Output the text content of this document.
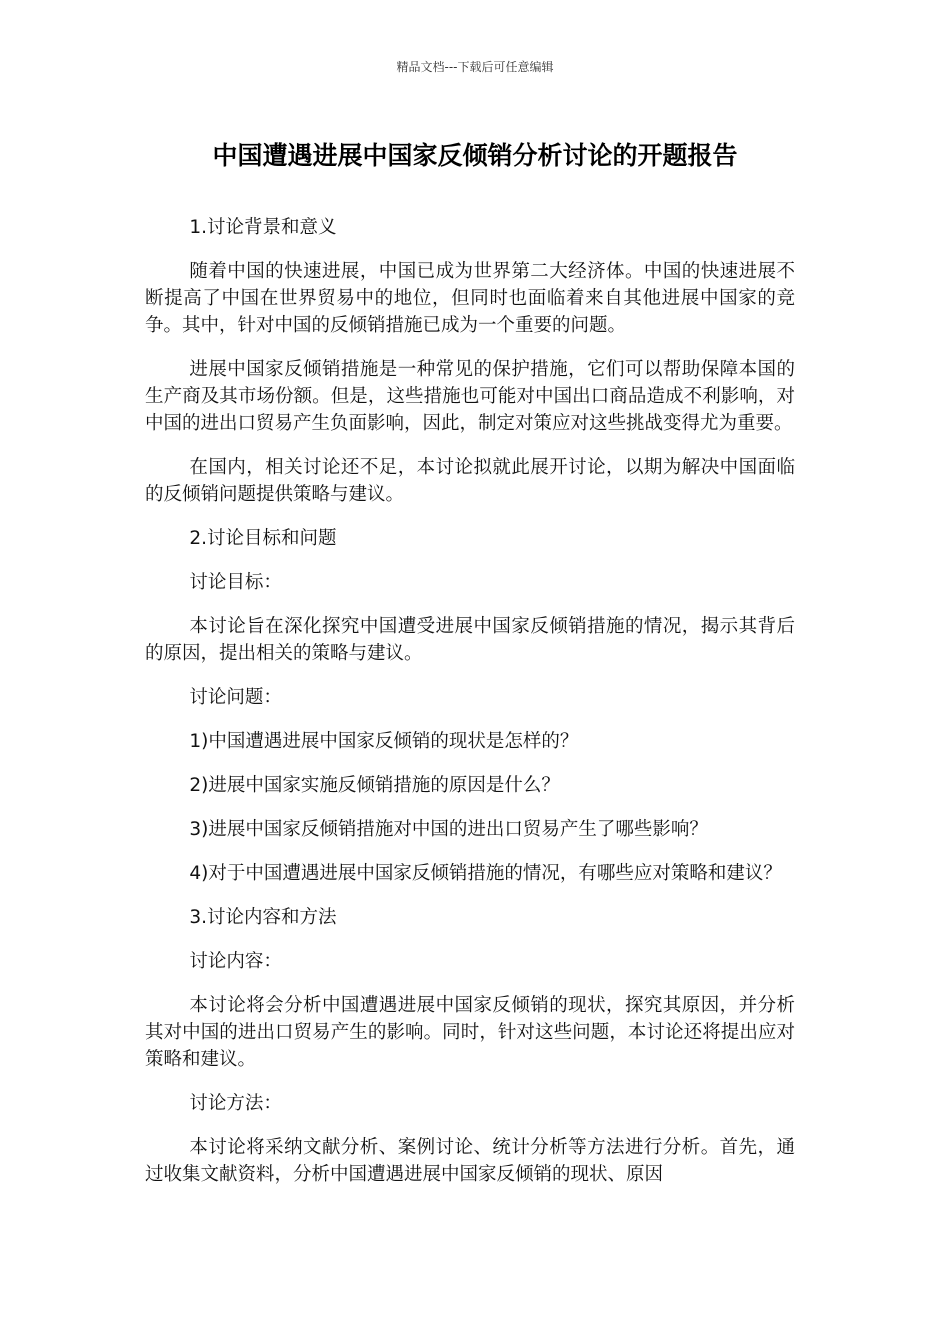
精品文档---下载后可任意编辑
中国遭遇进展中国家反倾销分析讨论的开题报告

1.讨论背景和意义

随着中国的快速进展，中国已成为世界第二大经济体。中国的快速进展不断提高了中国在世界贸易中的地位，但同时也面临着来自其他进展中国家的竞争。其中，针对中国的反倾销措施已成为一个重要的问题。

进展中国家反倾销措施是一种常见的保护措施，它们可以帮助保障本国的生产商及其市场份额。但是，这些措施也可能对中国出口商品造成不利影响，对中国的进出口贸易产生负面影响，因此，制定对策应对这些挑战变得尤为重要。

在国内，相关讨论还不足，本讨论拟就此展开讨论，以期为解决中国面临的反倾销问题提供策略与建议。

2.讨论目标和问题

讨论目标：

本讨论旨在深化探究中国遭受进展中国家反倾销措施的情况，揭示其背后的原因，提出相关的策略与建议。

讨论问题：

1)中国遭遇进展中国家反倾销的现状是怎样的？

2)进展中国家实施反倾销措施的原因是什么？

3)进展中国家反倾销措施对中国的进出口贸易产生了哪些影响？

4)对于中国遭遇进展中国家反倾销措施的情况，有哪些应对策略和建议？

3.讨论内容和方法

讨论内容：

本讨论将会分析中国遭遇进展中国家反倾销的现状，探究其原因，并分析其对中国的进出口贸易产生的影响。同时，针对这些问题，本讨论还将提出应对策略和建议。

讨论方法：

本讨论将采纳文献分析、案例讨论、统计分析等方法进行分析。首先，通过收集文献资料，分析中国遭遇进展中国家反倾销的现状、原因
